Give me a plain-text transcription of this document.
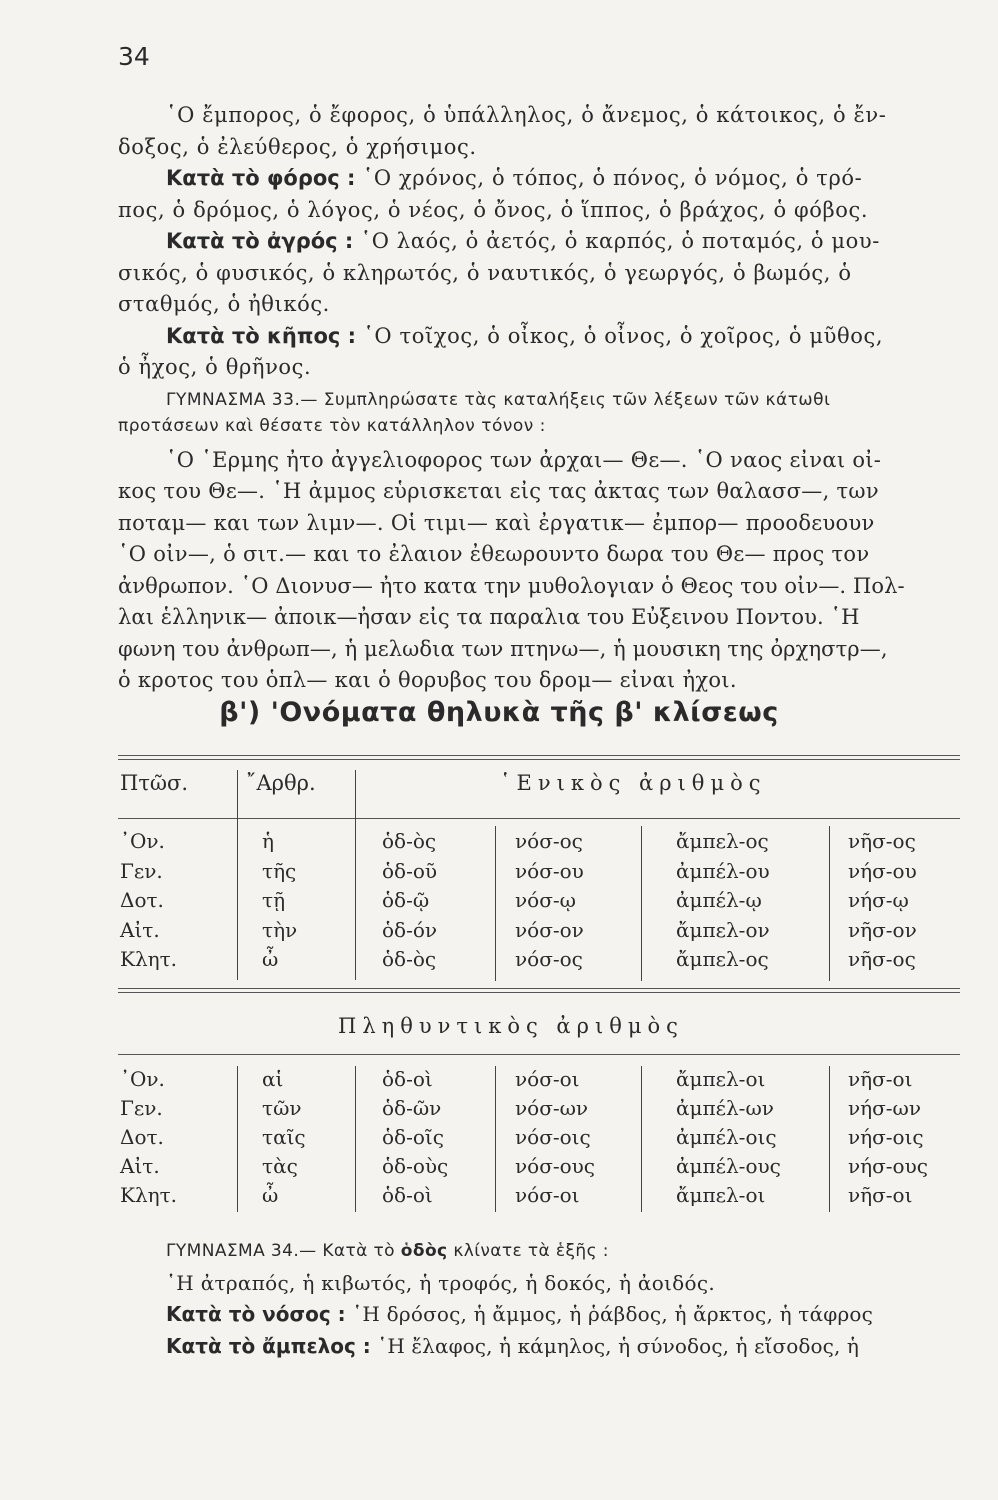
34
῾Ο ἔμπορος, ὁ ἔφορος, ὁ ὑπάλληλος, ὁ ἄνεμος, ὁ κάτοικος, ὁ ἔν-
δοξος, ὁ ἐλεύθερος, ὁ χρήσιμος.
Κατὰ τὸ φόρος : ῾Ο χρόνος, ὁ τόπος, ὁ πόνος, ὁ νόμος, ὁ τρό-
πος, ὁ δρόμος, ὁ λόγος, ὁ νέος, ὁ ὄνος, ὁ ἵππος, ὁ βράχος, ὁ φόβος.
Κατὰ τὸ ἀγρός : ῾Ο λαός, ὁ ἀετός, ὁ καρπός, ὁ ποταμός, ὁ μου-
σικός, ὁ φυσικός, ὁ κληρωτός, ὁ ναυτικός, ὁ γεωργός, ὁ βωμός, ὁ
σταθμός, ὁ ἠθικός.
Κατὰ τὸ κῆπος : ῾Ο τοῖχος, ὁ οἶκος, ὁ οἶνος, ὁ χοῖρος, ὁ μῦθος,
ὁ ἦχος, ὁ θρῆνος.
ΓΥΜΝΑΣΜΑ 33.— Συμπληρώσατε τὰς καταλήξεις τῶν λέξεων τῶν κάτωθι
προτάσεων καὶ θέσατε τὸν κατάλληλον τόνον :
῾Ο ῾Ερμης ἠτο ἀγγελιοφορος των ἀρχαι— Θε—. ῾Ο ναος εἰναι οἰ-
κος του Θε—. ῾Η ἀμμος εὑρισκεται εἰς τας ἀκτας των θαλασσ—, των
ποταμ— και των λιμν—. Οἱ τιμι— καὶ ἐργατικ— ἐμπορ— προοδευουν
῾Ο οἰν—, ὁ σιτ.— και το ἐλαιον ἐθεωρουντο δωρα του Θε— προς τον
ἀνθρωπον. ῾Ο Διονυσ— ἠτο κατα την μυθολογιαν ὁ Θεος του οἰν—. Πολ-
λαι ἑλληνικ— ἀποικ—ἠσαν εἰς τα παραλια του Εὐξεινου Ποντου. ῾Η
φωνη του ἀνθρωπ—, ἡ μελωδια των πτηνω—, ἡ μουσικη της ὀρχηστρ—,
ὁ κροτος του ὁπλ— και ὁ θορυβος του δρομ— εἰναι ἠχοι.
β') 'Ονόματα θηλυκὰ τῆς β' κλίσεως
Πτῶσ.	῎Αρθρ.	῾Ενικὸς ἀριθμὸς
᾿Ον.	ἡ	ὁδ-ὸς	νόσ-ος	ἄμπελ-ος	νῆσ-ος
Γεν.	τῆς	ὁδ-οῦ	νόσ-ου	ἀμπέλ-ου	νήσ-ου
Δοτ.	τῇ	ὁδ-ῷ	νόσ-ῳ	ἀμπέλ-ῳ	νήσ-ῳ
Αἰτ.	τὴν	ὁδ-όν	νόσ-ον	ἄμπελ-ον	νῆσ-ον
Κλητ.	ὦ	ὁδ-ὸς	νόσ-ος	ἄμπελ-ος	νῆσ-ος
Πληθυντικὸς ἀριθμὸς
᾿Ον.	αἱ	ὁδ-οὶ	νόσ-οι	ἄμπελ-οι	νῆσ-οι
Γεν.	τῶν	ὁδ-ῶν	νόσ-ων	ἀμπέλ-ων	νήσ-ων
Δοτ.	ταῖς	ὁδ-οῖς	νόσ-οις	ἀμπέλ-οις	νήσ-οις
Αἰτ.	τὰς	ὁδ-οὺς	νόσ-ους	ἀμπέλ-ους	νήσ-ους
Κλητ.	ὦ	ὁδ-οὶ	νόσ-οι	ἄμπελ-οι	νῆσ-οι
ΓΥΜΝΑΣΜΑ 34.— Κατὰ τὸ ὁδὸς κλίνατε τὰ ἑξῆς :
῾Η ἀτραπός, ἡ κιβωτός, ἡ τροφός, ἡ δοκός, ἡ ἀοιδός.
Κατὰ τὸ νόσος : ῾Η δρόσος, ἡ ἄμμος, ἡ ῥάβδος, ἡ ἄρκτος, ἡ τάφρος
Κατὰ τὸ ἄμπελος : ῾Η ἔλαφος, ἡ κάμηλος, ἡ σύνοδος, ἡ εἴσοδος, ἡ
